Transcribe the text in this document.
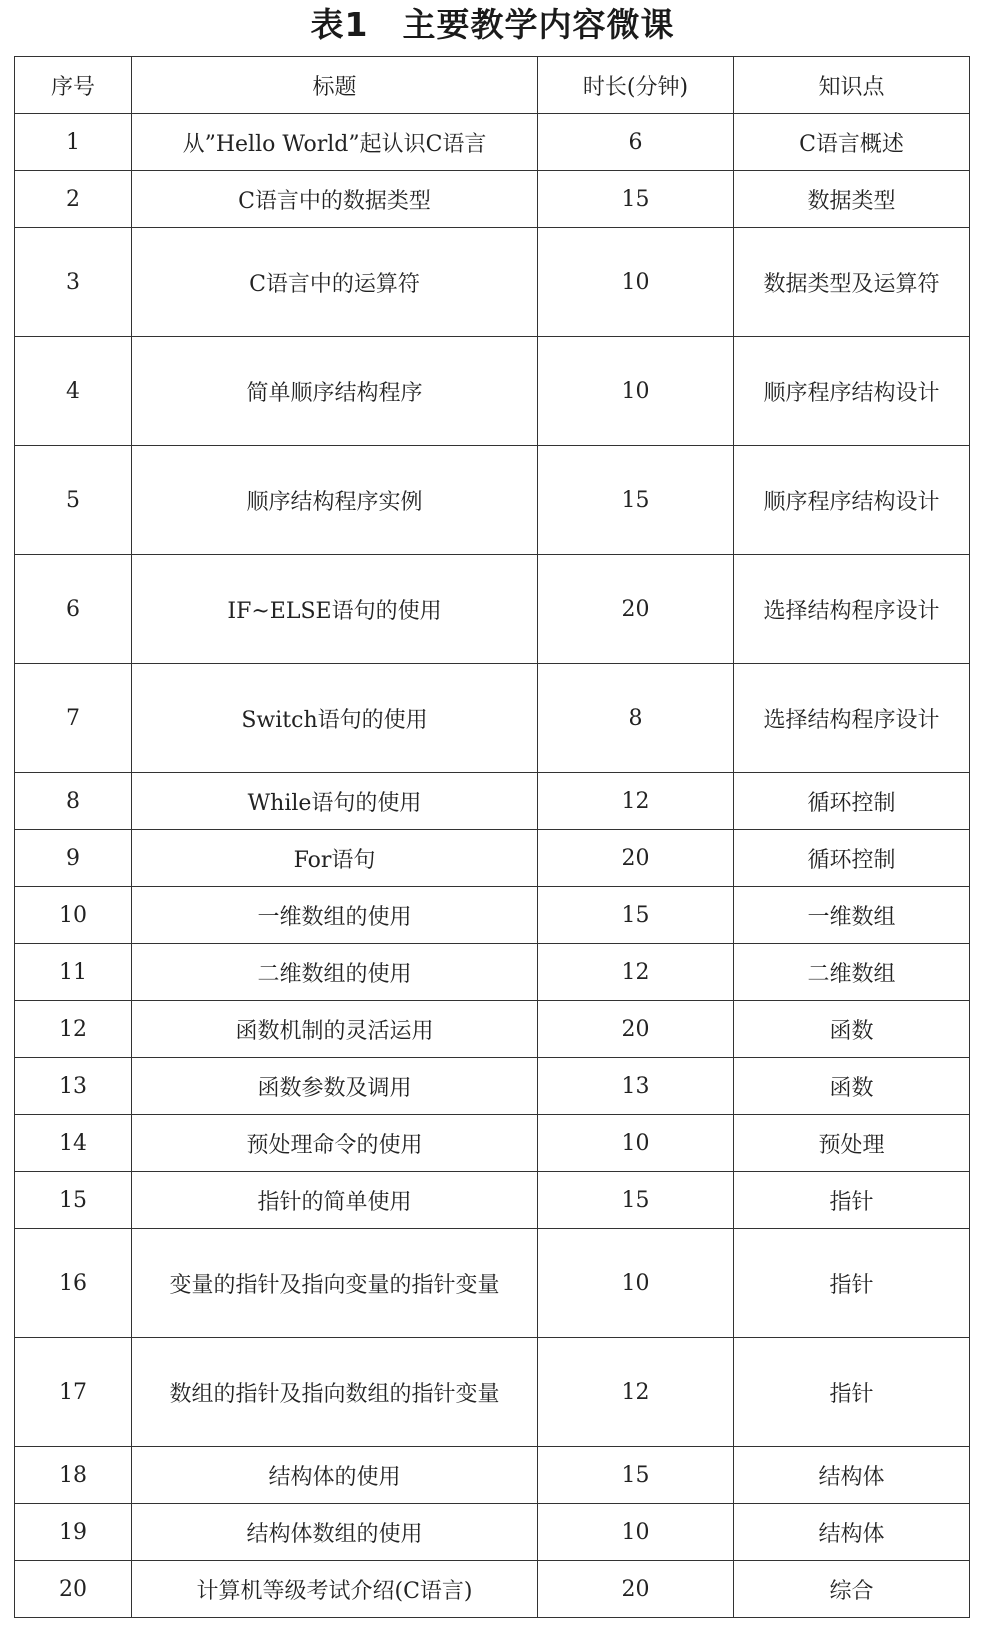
表1　主要教学内容微课
序号	标题	时长(分钟)	知识点
1	从”Hello World”起认识C语言	6	C语言概述
2	C语言中的数据类型	15	数据类型
3	C语言中的运算符	10	数据类型及运算符
4	简单顺序结构程序	10	顺序程序结构设计
5	顺序结构程序实例	15	顺序程序结构设计
6	IF~ELSE语句的使用	20	选择结构程序设计
7	Switch语句的使用	8	选择结构程序设计
8	While语句的使用	12	循环控制
9	For语句	20	循环控制
10	一维数组的使用	15	一维数组
11	二维数组的使用	12	二维数组
12	函数机制的灵活运用	20	函数
13	函数参数及调用	13	函数
14	预处理命令的使用	10	预处理
15	指针的简单使用	15	指针
16	变量的指针及指向变量的指针变量	10	指针
17	数组的指针及指向数组的指针变量	12	指针
18	结构体的使用	15	结构体
19	结构体数组的使用	10	结构体
20	计算机等级考试介绍(C语言)	20	综合
